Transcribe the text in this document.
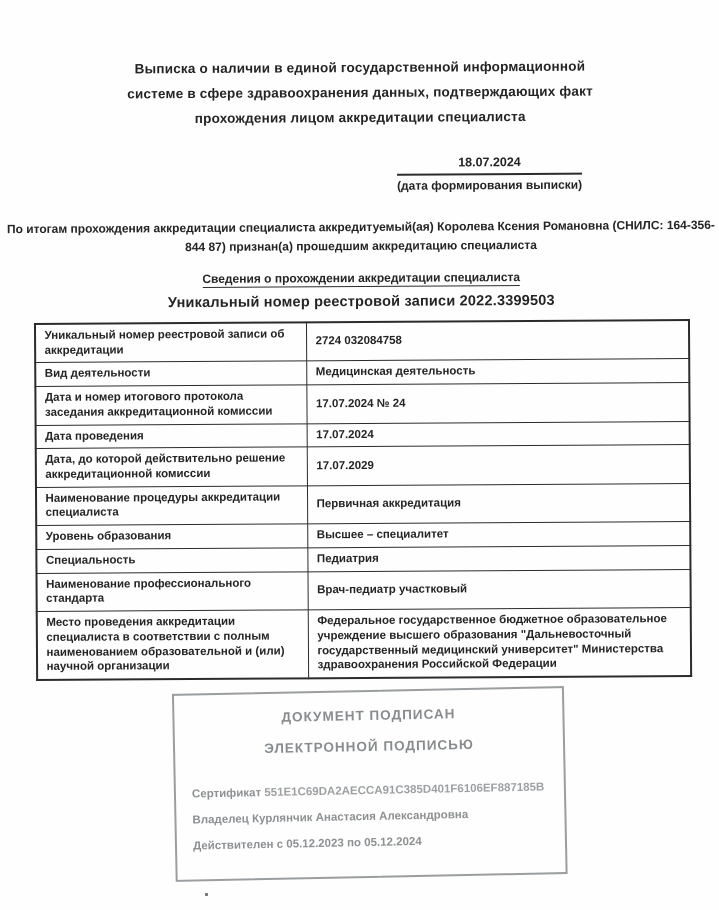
Выписка о наличии в единой государственной информационной
системе в сфере здравоохранения данных, подтверждающих факт
прохождения лицом аккредитации специалиста
18.07.2024
(дата формирования выписки)
По итогам прохождения аккредитации специалиста аккредитуемый(ая) Королева Ксения Романовна (СНИЛС: 164-356-
844 87) признан(а) прошедшим аккредитацию специалиста
Сведения о прохождении аккредитации специалиста
Уникальный номер реестровой записи 2022.3399503
Уникальный номер реестровой записи об аккредитации	2724 032084758
Вид деятельности	Медицинская деятельность
Дата и номер итогового протокола заседания аккредитационной комиссии	17.07.2024 № 24
Дата проведения	17.07.2024
Дата, до которой действительно решение аккредитационной комиссии	17.07.2029
Наименование процедуры аккредитации специалиста	Первичная аккредитация
Уровень образования	Высшее – специалитет
Специальность	Педиатрия
Наименование профессионального стандарта	Врач-педиатр участковый
Место проведения аккредитации специалиста в соответствии с полным наименованием образовательной и (или) научной организации	Федеральное государственное бюджетное образовательное учреждение высшего образования "Дальневосточный государственный медицинский университет" Министерства здравоохранения Российской Федерации
ДОКУМЕНТ ПОДПИСАН
ЭЛЕКТРОННОЙ ПОДПИСЬЮ
Сертификат 551E1C69DA2AECCA91C385D401F6106EF887185B
Владелец Курлянчик Анастасия Александровна
Действителен с 05.12.2023 по 05.12.2024
